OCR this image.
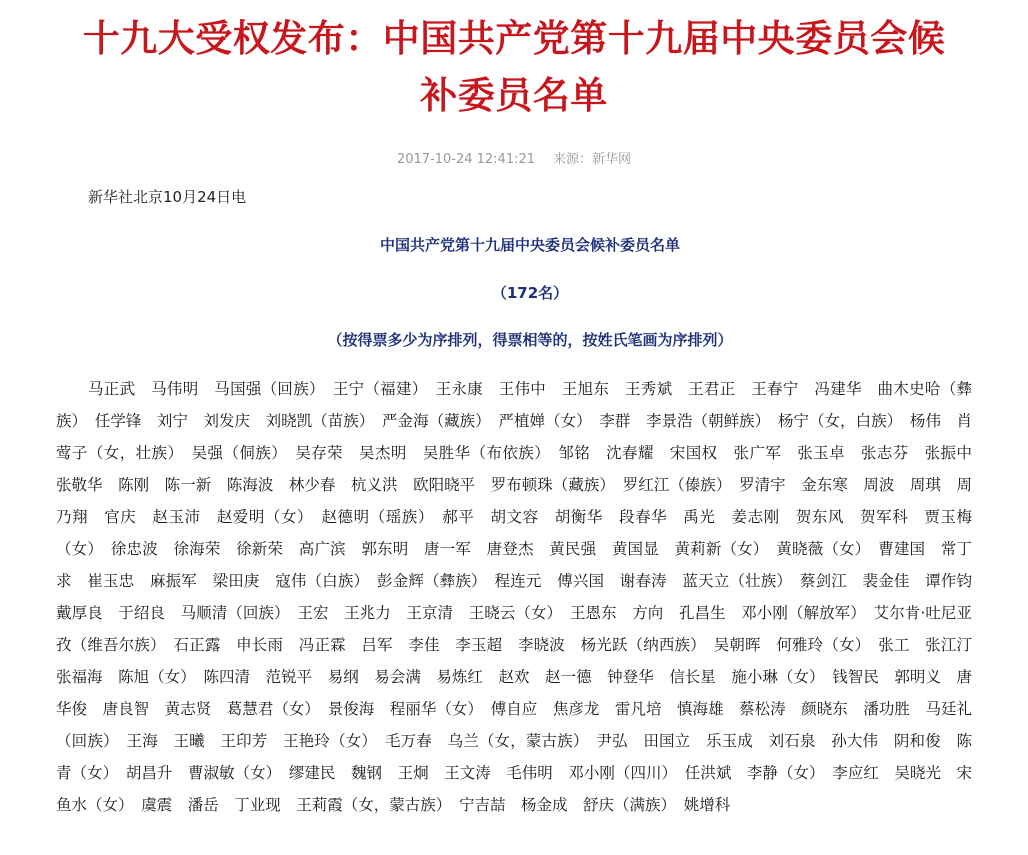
十九大受权发布：中国共产党第十九届中央委员会候
补委员名单
2017-10-24 12:41:21 来源：新华网
新华社北京10月24日电
中国共产党第十九届中央委员会候补委员名单
（172名）
（按得票多少为序排列，得票相等的，按姓氏笔画为序排列）
马正武　马伟明　马国强（回族）　王宁（福建）　王永康　王伟中　王旭东　王秀斌　王君正　王春宁　冯建华　曲木史哈（彝族）　任学锋　刘宁　刘发庆　刘晓凯（苗族）　严金海（藏族）　严植婵（女）　李群　李景浩（朝鲜族）　杨宁（女，白族）　杨伟　肖莺子（女，壮族）　吴强（侗族）　吴存荣　吴杰明　吴胜华（布依族）　邹铭　沈春耀　宋国权　张广军　张玉卓　张志芬　张振中　张敬华　陈刚　陈一新　陈海波　林少春　杭义洪　欧阳晓平　罗布顿珠（藏族）　罗红江（傣族）　罗清宇　金东寒　周波　周琪　周乃翔　官庆　赵玉沛　赵爱明（女）　赵德明（瑶族）　郝平　胡文容　胡衡华　段春华　禹光　姜志刚　贺东风　贺军科　贾玉梅（女）　徐忠波　徐海荣　徐新荣　高广滨　郭东明　唐一军　唐登杰　黄民强　黄国显　黄莉新（女）　黄晓薇（女）　曹建国　常丁求　崔玉忠　麻振军　梁田庚　寇伟（白族）　彭金辉（彝族）　程连元　傅兴国　谢春涛　蓝天立（壮族）　蔡剑江　裴金佳　谭作钧　戴厚良　于绍良　马顺清（回族）　王宏　王兆力　王京清　王晓云（女）　王恩东　方向　孔昌生　邓小刚（解放军）　艾尔肯·吐尼亚孜（维吾尔族）　石正露　申长雨　冯正霖　吕军　李佳　李玉超　李晓波　杨光跃（纳西族）　吴朝晖　何雅玲（女）　张工　张江汀　张福海　陈旭（女）　陈四清　范锐平　易纲　易会满　易炼红　赵欢　赵一德　钟登华　信长星　施小琳（女）　钱智民　郭明义　唐华俊　唐良智　黄志贤　葛慧君（女）　景俊海　程丽华（女）　傅自应　焦彦龙　雷凡培　慎海雄　蔡松涛　颜晓东　潘功胜　马廷礼（回族）　王海　王曦　王印芳　王艳玲（女）　毛万春　乌兰（女，蒙古族）　尹弘　田国立　乐玉成　刘石泉　孙大伟　阴和俊　陈青（女）　胡昌升　曹淑敏（女）　缪建民　魏钢　王炯　王文涛　毛伟明　邓小刚（四川）　任洪斌　李静（女）　李应红　吴晓光　宋鱼水（女）　虞震　潘岳　丁业现　王莉霞（女，蒙古族）　宁吉喆　杨金成　舒庆（满族）　姚增科
